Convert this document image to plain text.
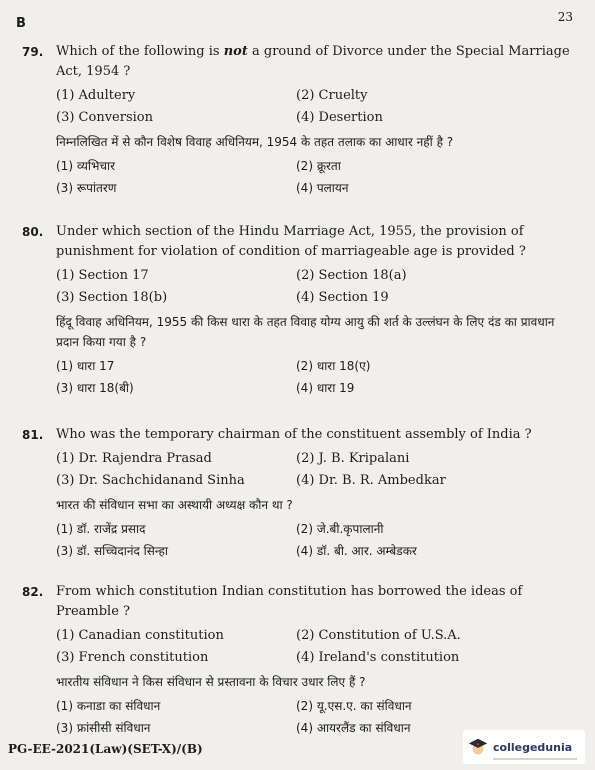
B	23
79. Which of the following is not a ground of Divorce under the Special Marriage Act, 1954 ?
(1) Adultery	(2) Cruelty
(3) Conversion	(4) Desertion
निम्नलिखित में से कौन विशेष विवाह अधिनियम, 1954 के तहत तलाक का आधार नहीं है ?
(1) व्यभिचार	(2) क्रूरता
(3) रूपांतरण	(4) पलायन
80. Under which section of the Hindu Marriage Act, 1955, the provision of punishment for violation of condition of marriageable age is provided ?
(1) Section 17	(2) Section 18(a)
(3) Section 18(b)	(4) Section 19
हिंदू विवाह अधिनियम, 1955 की किस धारा के तहत विवाह योग्य आयु की शर्त के उल्लंघन के लिए दंड का प्रावधान प्रदान किया गया है ?
(1) धारा 17	(2) धारा 18(ए)
(3) धारा 18(बी)	(4) धारा 19
81. Who was the temporary chairman of the constituent assembly of India ?
(1) Dr. Rajendra Prasad	(2) J. B. Kripalani
(3) Dr. Sachchidanand Sinha	(4) Dr. B. R. Ambedkar
भारत की संविधान सभा का अस्थायी अध्यक्ष कौन था ?
(1) डॉ. राजेंद्र प्रसाद	(2) जे.बी.कृपालानी
(3) डॉ. सच्चिदानंद सिन्हा	(4) डॉ. बी. आर. अम्बेडकर
82. From which constitution Indian constitution has borrowed the ideas of Preamble ?
(1) Canadian constitution	(2) Constitution of U.S.A.
(3) French constitution	(4) Ireland's constitution
भारतीय संविधान ने किस संविधान से प्रस्तावना के विचार उधार लिए हैं ?
(1) कनाडा का संविधान	(2) यू.एस.ए. का संविधान
(3) फ्रांसीसी संविधान	(4) आयरलैंड का संविधान
PG-EE-2021(Law)(SET-X)/(B)	collegedunia
